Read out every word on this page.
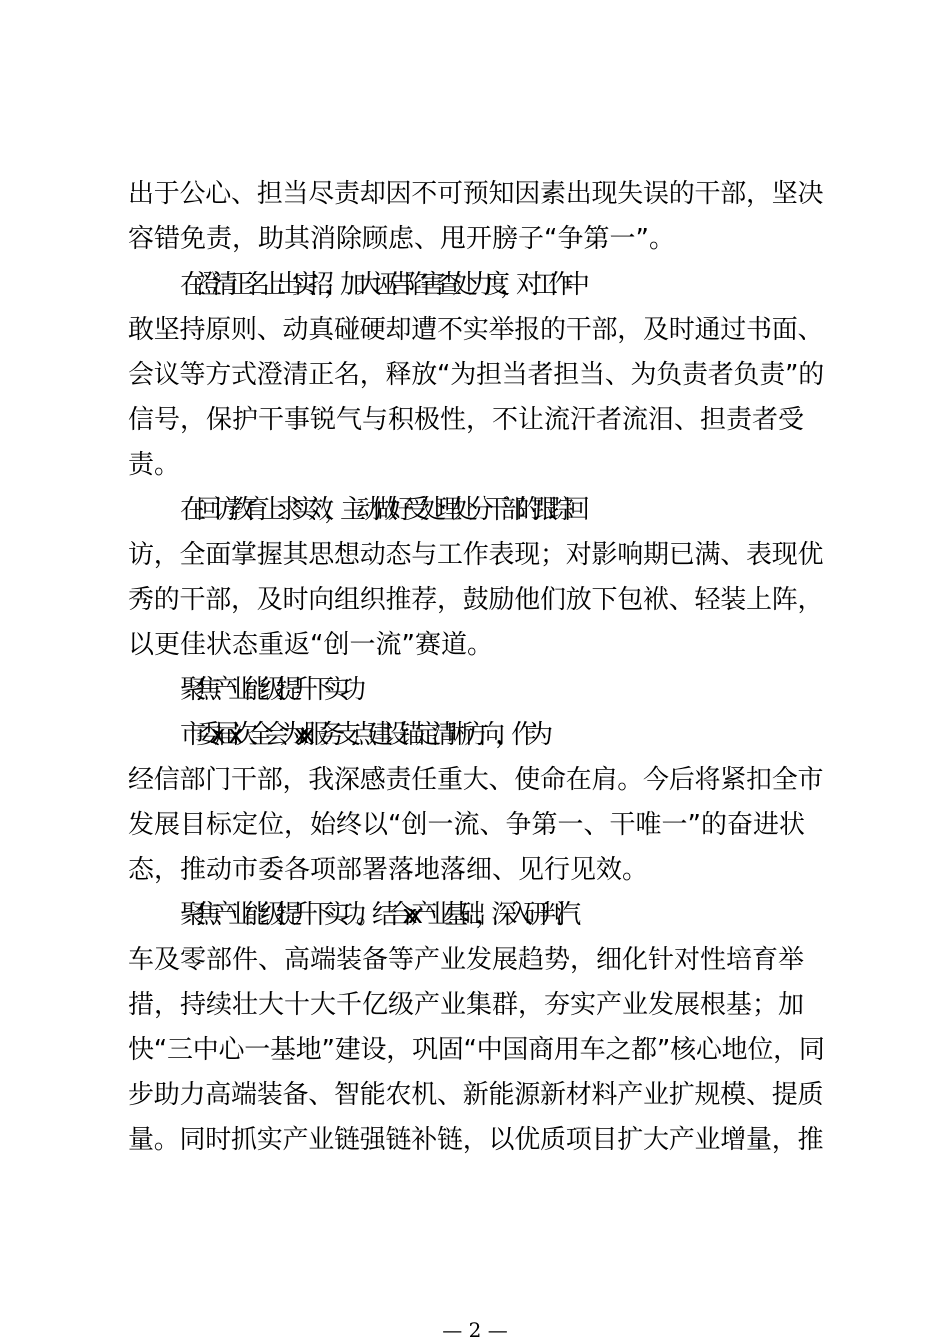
出于公心、担当尽责却因不可预知因素出现失误的干部，坚决
容错免责，助其消除顾虑、甩开膀子“争第一”。
在澄清正名上出实招，加大诬告陷害查处力度，对工作中
敢坚持原则、动真碰硬却遭不实举报的干部，及时通过书面、
会议等方式澄清正名，释放“为担当者担当、为负责者负责”的
信号，保护干事锐气与积极性，不让流汗者流泪、担责者受
责。
在回访教育上求实效，主动做好受处理处分干部的跟踪回
访，全面掌握其思想动态与工作表现；对影响期已满、表现优
秀的干部，及时向组织推荐，鼓励他们放下包袱、轻装上阵，
以更佳状态重返“创一流”赛道。
聚焦产业能级提升下实功
市委 x 届 x 次全会为 xx 服务支点建设锚定清晰方向，作为
经信部门干部，我深感责任重大、使命在肩。今后将紧扣全市
发展目标定位，始终以“创一流、争第一、干唯一”的奋进状
态，推动市委各项部署落地落细、见行见效。
聚焦产业能级提升下实功。结合 xx 产业基础，深入研判汽
车及零部件、高端装备等产业发展趋势，细化针对性培育举
措，持续壮大十大千亿级产业集群，夯实产业发展根基；加
快“三中心一基地”建设，巩固“中国商用车之都”核心地位，同
步助力高端装备、智能农机、新能源新材料产业扩规模、提质
量。同时抓实产业链强链补链，以优质项目扩大产业增量，推
— 2 —
